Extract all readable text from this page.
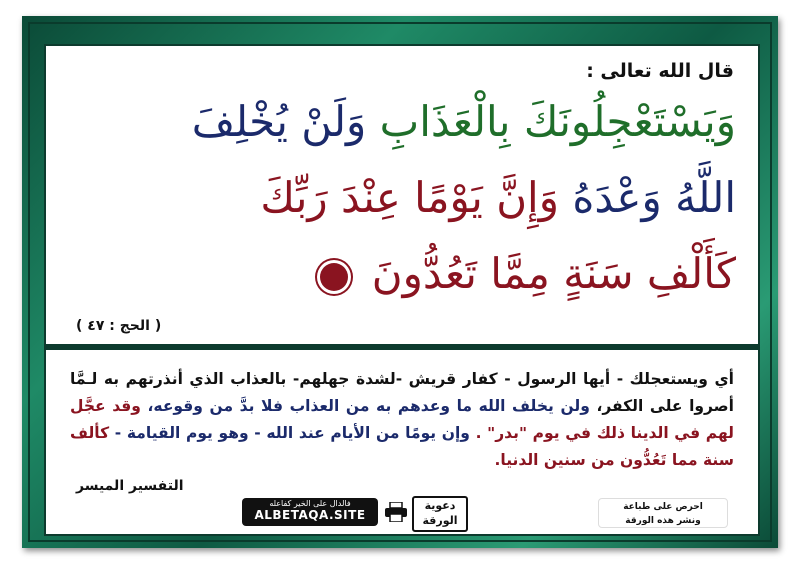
قال الله تعالى :
وَيَسْتَعْجِلُونَكَ بِالْعَذَابِ وَلَنْ يُخْلِفَ
اللَّهُ وَعْدَهُ وَإِنَّ يَوْمًا عِنْدَ رَبِّكَ
كَأَلْفِ سَنَةٍ مِمَّا تَعُدُّونَ
( الحج : ٤٧ )
أي ويستعجلك - أيها الرسول - كفار قريش -لشدة جهلهم- بالعذاب الذي أنذرتهم به لـمَّا أصروا على الكفر، ولن يخلف الله ما وعدهم به من العذاب فلا بدَّ من وقوعه، وقد عجَّل لهم في الدينا ذلك في يوم "بدر" . وإن يومًا من الأيام عند الله - وهو يوم القيامة - كألف سنة مما تَعُدُّون من سنين الدنيا.
التفسير الميسر
احرص على طباعة
ونشر هذه الورقة
دعوية
الورقة
فالدال على الخير كفاعله
ALBETAQA.SITE
